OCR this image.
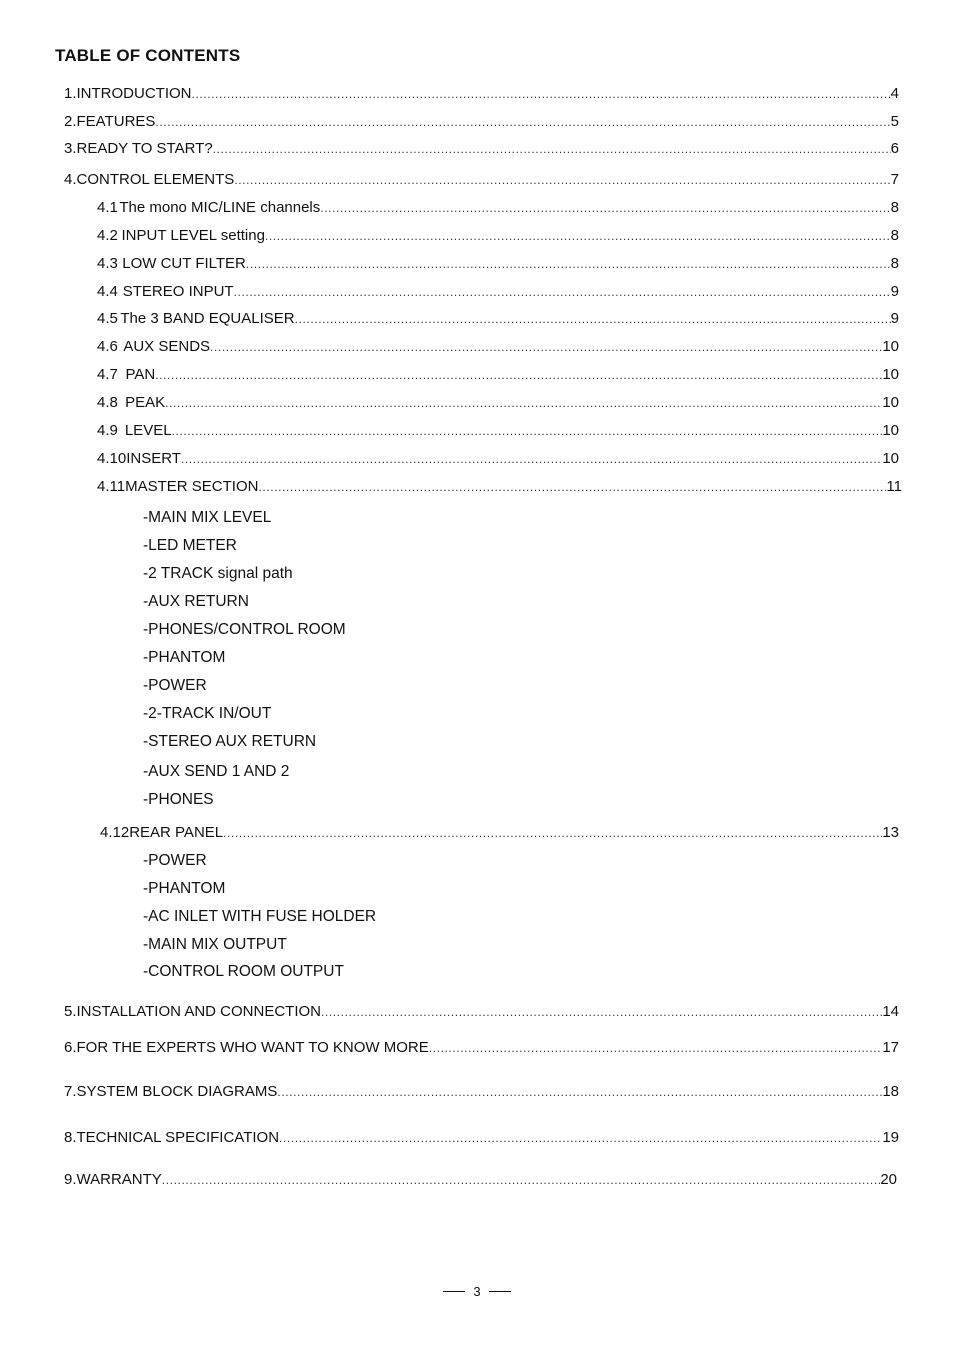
TABLE OF CONTENTS
1.INTRODUCTION .....	4
2.FEATURES .....	5
3.READY TO START? .....	6
4.CONTROL ELEMENTS .....	7
4.1 The mono MIC/LINE channels .....	8
4.2 INPUT LEVEL setting .....	8
4.3 LOW CUT FILTER .....	8
4.4 STEREO INPUT .....	9
4.5 The 3 BAND EQUALISER .....	9
4.6 AUX SENDS .....	10
4.7 PAN .....	10
4.8 PEAK .....	10
4.9 LEVEL .....	10
4.10 INSERT .....	10
4.11 MASTER SECTION .....	11
-MAIN MIX LEVEL
-LED METER
-2 TRACK signal path
-AUX RETURN
-PHONES/CONTROL ROOM
-PHANTOM
-POWER
-2-TRACK IN/OUT
-STEREO AUX RETURN
-AUX SEND 1 AND 2
-PHONES
4.12 REAR PANEL .....	13
-POWER
-PHANTOM
-AC INLET WITH FUSE HOLDER
-MAIN MIX OUTPUT
-CONTROL ROOM OUTPUT
5.INSTALLATION AND CONNECTION .....	14
6.FOR THE EXPERTS WHO WANT TO KNOW MORE .....	17
7.SYSTEM BLOCK DIAGRAMS .....	18
8.TECHNICAL SPECIFICATION .....	19
9.WARRANTY .....	20
3
